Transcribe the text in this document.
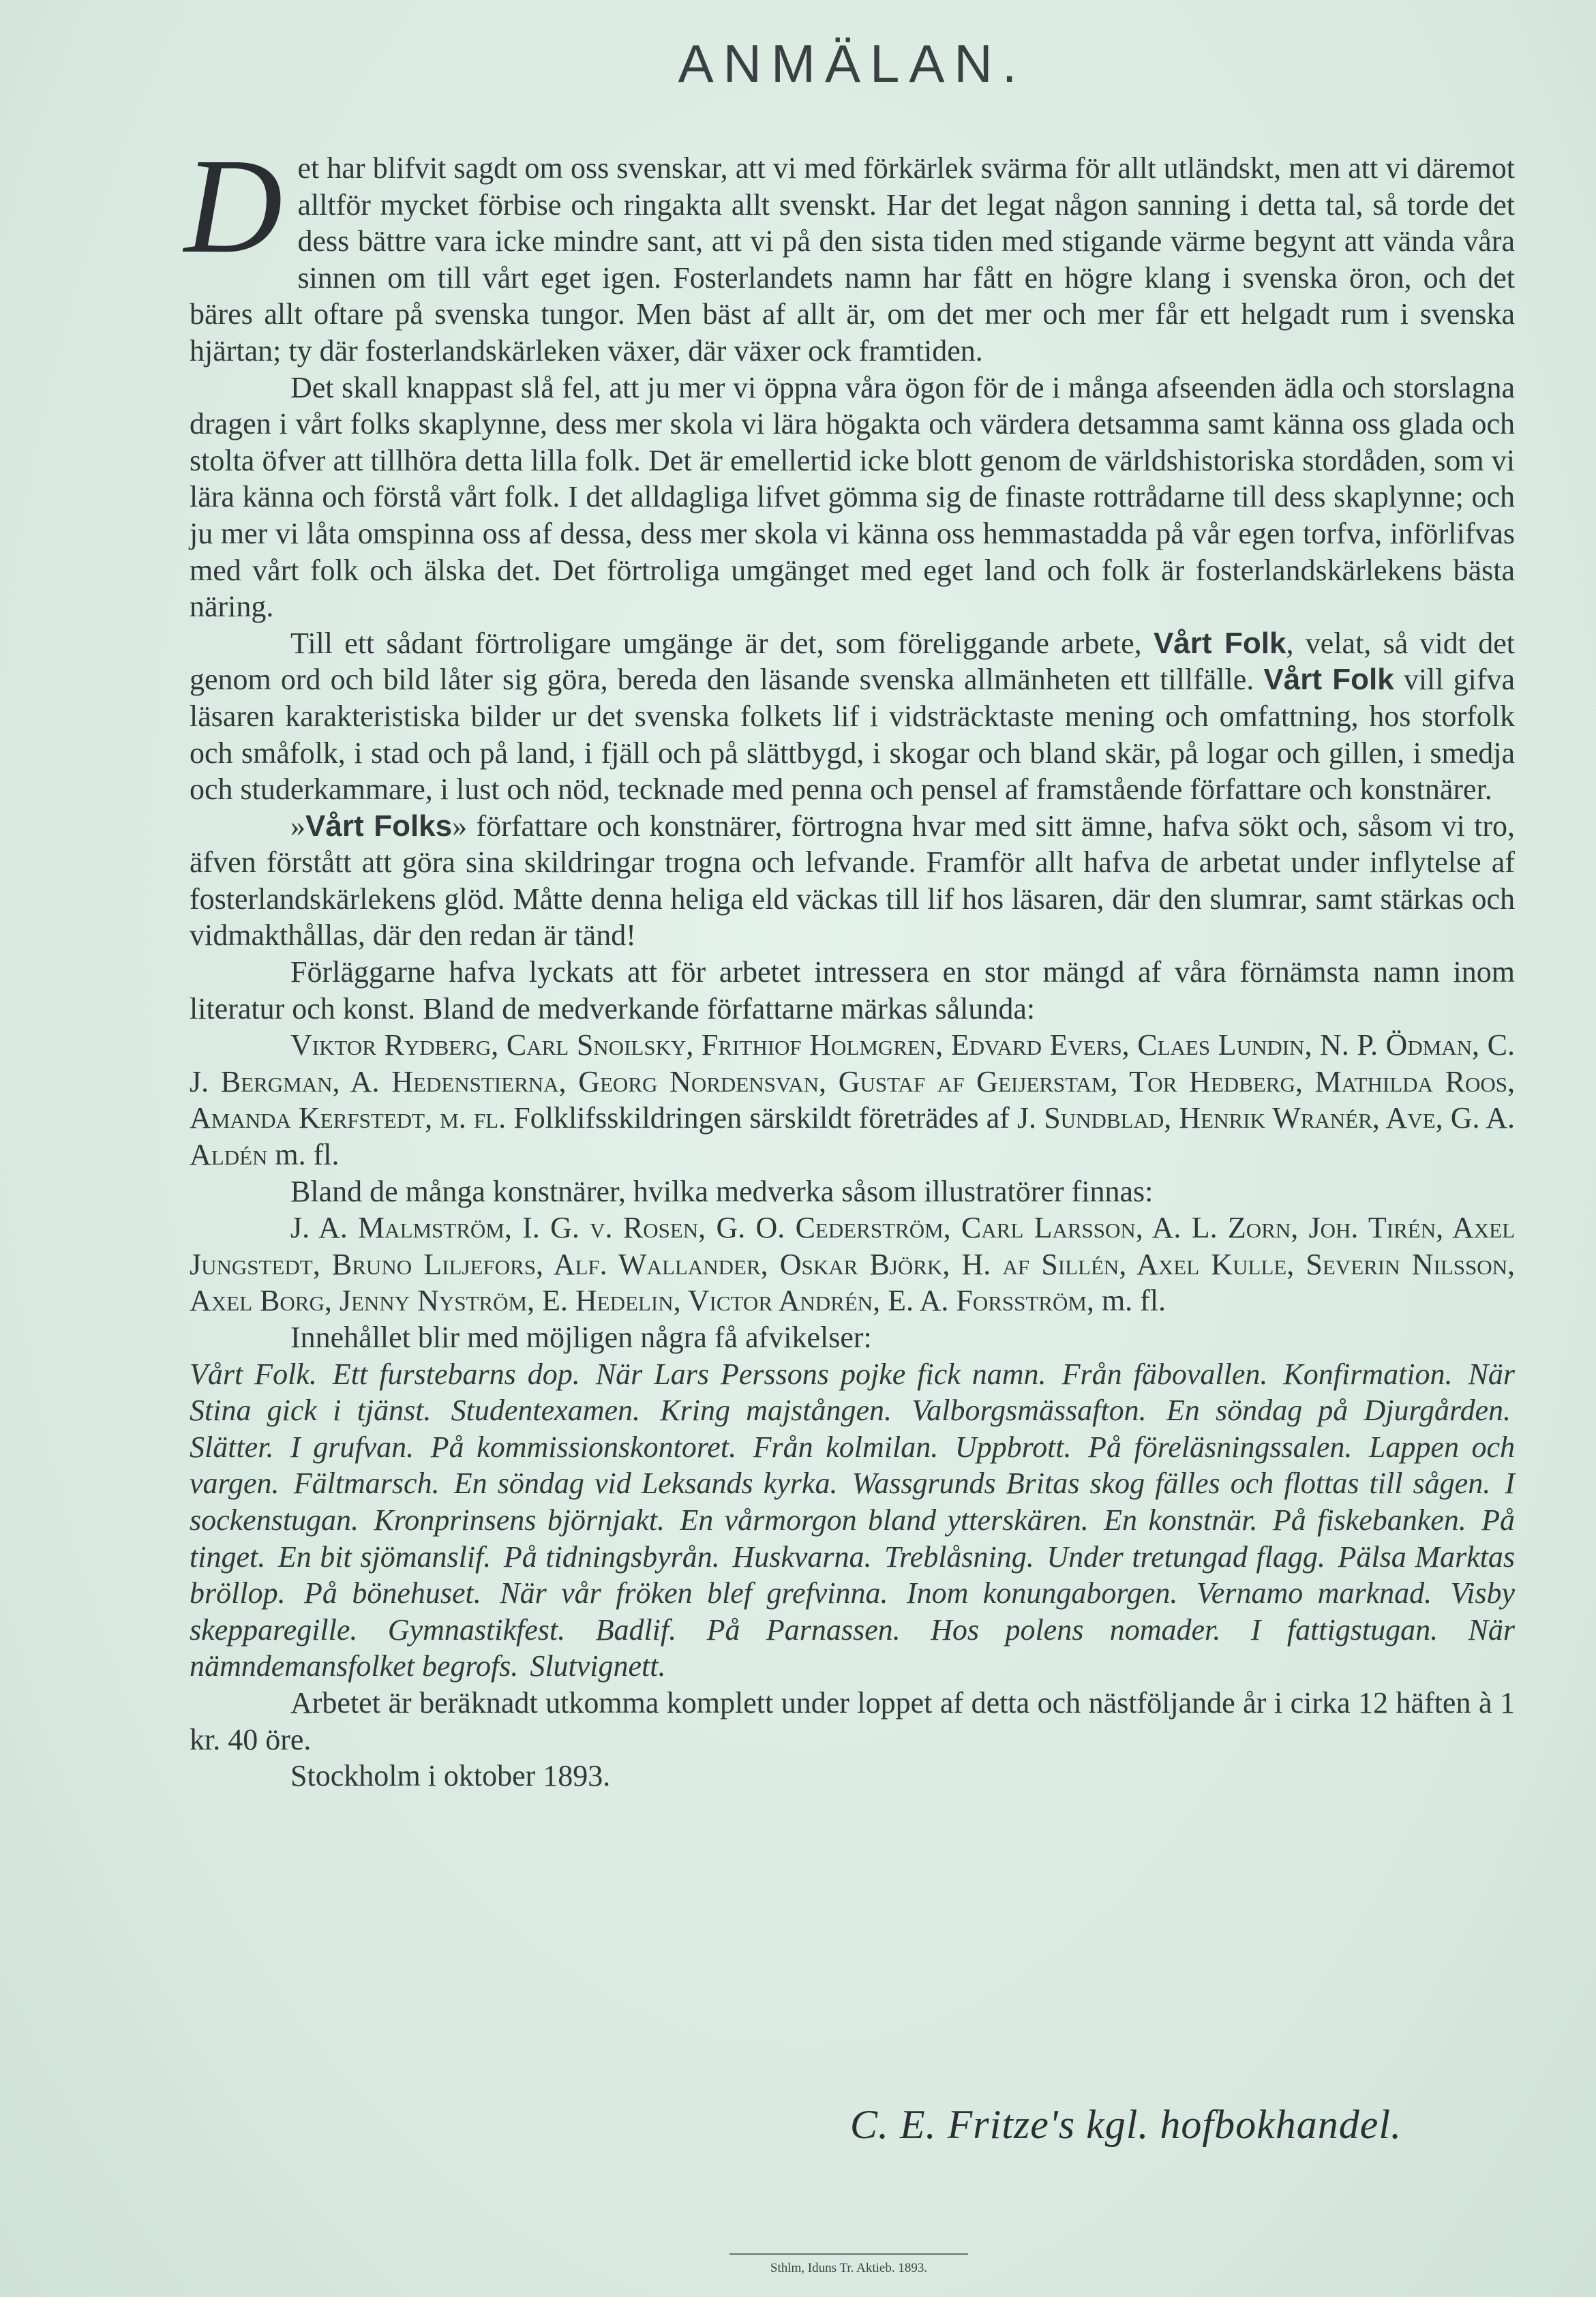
ANMÄLAN.

Det har blifvit sagdt om oss svenskar, att vi med förkärlek svärma för allt utländskt, men att vi däremot alltför mycket förbise och ringakta allt svenskt. Har det legat någon sanning i detta tal, så torde det dess bättre vara icke mindre sant, att vi på den sista tiden med stigande värme begynt att vända våra sinnen om till vårt eget igen. Fosterlandets namn har fått en högre klang i svenska öron, och det bäres allt oftare på svenska tungor. Men bäst af allt är, om det mer och mer får ett helgadt rum i svenska hjärtan; ty där fosterlandskärleken växer, där växer ock framtiden.

Det skall knappast slå fel, att ju mer vi öppna våra ögon för de i många afseenden ädla och storslagna dragen i vårt folks skaplynne, dess mer skola vi lära högakta och värdera detsamma samt känna oss glada och stolta öfver att tillhöra detta lilla folk. Det är emellertid icke blott genom de världshistoriska stordåden, som vi lära känna och förstå vårt folk. I det alldagliga lifvet gömma sig de finaste rottrådarne till dess skaplynne; och ju mer vi låta omspinna oss af dessa, dess mer skola vi känna oss hemmastadda på vår egen torfva, införlifvas med vårt folk och älska det. Det förtroliga umgänget med eget land och folk är fosterlandskärlekens bästa näring.

Till ett sådant förtroligare umgänge är det, som föreliggande arbete, Vårt Folk, velat, så vidt det genom ord och bild låter sig göra, bereda den läsande svenska allmänheten ett tillfälle. Vårt Folk vill gifva läsaren karakteristiska bilder ur det svenska folkets lif i vidsträcktaste mening och omfattning, hos storfolk och småfolk, i stad och på land, i fjäll och på slättbygd, i skogar och bland skär, på logar och gillen, i smedja och studerkammare, i lust och nöd, tecknade med penna och pensel af framstående författare och konstnärer.

»Vårt Folks» författare och konstnärer, förtrogna hvar med sitt ämne, hafva sökt och, såsom vi tro, äfven förstått att göra sina skildringar trogna och lefvande. Framför allt hafva de arbetat under inflytelse af fosterlandskärlekens glöd. Måtte denna heliga eld väckas till lif hos läsaren, där den slumrar, samt stärkas och vidmakthållas, där den redan är tänd!

Förläggarne hafva lyckats att för arbetet intressera en stor mängd af våra förnämsta namn inom literatur och konst. Bland de medverkande författarne märkas sålunda:

Viktor Rydberg, Carl Snoilsky, Frithiof Holmgren, Edvard Evers, Claes Lundin, N. P. Ödman, C. J. Bergman, A. Hedenstierna, Georg Nordensvan, Gustaf af Geijerstam, Tor Hedberg, Mathilda Roos, Amanda Kerfstedt, m. fl. Folklifsskildringen särskildt företrädes af J. Sundblad, Henrik Wranér, Ave, G. A. Aldén m. fl.

Bland de många konstnärer, hvilka medverka såsom illustratörer finnas:

J. A. Malmström, I. G. v. Rosen, G. O. Cederström, Carl Larsson, A. L. Zorn, Joh. Tirén, Axel Jungstedt, Bruno Liljefors, Alf. Wallander, Oskar Björk, H. af Sillén, Axel Kulle, Severin Nilsson, Axel Borg, Jenny Nyström, E. Hedelin, Victor Andrén, E. A. Forsström, m. fl.

Innehållet blir med möjligen några få afvikelser:

Vårt Folk. Ett furstebarns dop. När Lars Perssons pojke fick namn. Från fäbovallen. Konfirmation. När Stina gick i tjänst. Studentexamen. Kring majstången. Valborgsmässafton. En söndag på Djurgården. Slätter. I grufvan. På kommissionskontoret. Från kolmilan. Uppbrott. På föreläsningssalen. Lappen och vargen. Fältmarsch. En söndag vid Leksands kyrka. Wassgrunds Britas skog fälles och flottas till sågen. I sockenstugan. Kronprinsens björnjakt. En vårmorgon bland ytterskären. En konstnär. På fiskebanken. På tinget. En bit sjömanslif. På tidningsbyrån. Huskvarna. Treblåsning. Under tretungad flagg. Pälsa Marktas bröllop. På bönehuset. När vår fröken blef grefvinna. Inom konungaborgen. Vernamo marknad. Visby skepparegille. Gymnastikfest. Badlif. På Parnassen. Hos polens nomader. I fattigstugan. När nämndemansfolket begrofs. Slutvignett.

Arbetet är beräknadt utkomma komplett under loppet af detta och nästföljande år i cirka 12 häften à 1 kr. 40 öre.

Stockholm i oktober 1893.

C. E. Fritze's kgl. hofbokhandel.
Sthlm, Iduns Tr. Aktieb. 1893.
